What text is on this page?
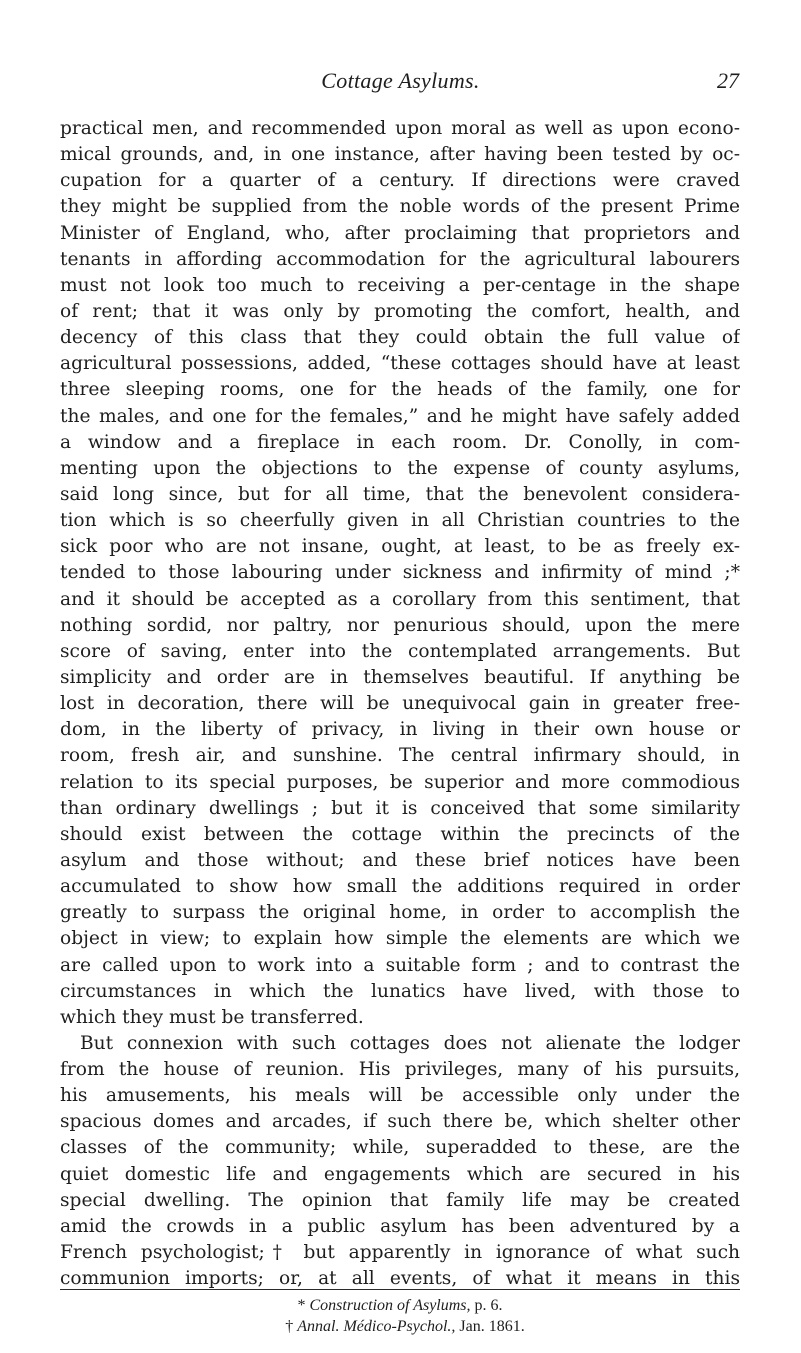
Cottage Asylums.	27
practical men, and recommended upon moral as well as upon econo-
mical grounds, and, in one instance, after having been tested by oc-
cupation for a quarter of a century. If directions were craved
they might be supplied from the noble words of the present Prime
Minister of England, who, after proclaiming that proprietors and
tenants in affording accommodation for the agricultural labourers
must not look too much to receiving a per-centage in the shape
of rent; that it was only by promoting the comfort, health, and
decency of this class that they could obtain the full value of
agricultural possessions, added, “these cottages should have at least
three sleeping rooms, one for the heads of the family, one for
the males, and one for the females,” and he might have safely added
a window and a fireplace in each room. Dr. Conolly, in com-
menting upon the objections to the expense of county asylums,
said long since, but for all time, that the benevolent considera-
tion which is so cheerfully given in all Christian countries to the
sick poor who are not insane, ought, at least, to be as freely ex-
tended to those labouring under sickness and infirmity of mind ;*
and it should be accepted as a corollary from this sentiment, that
nothing sordid, nor paltry, nor penurious should, upon the mere
score of saving, enter into the contemplated arrangements. But
simplicity and order are in themselves beautiful. If anything be
lost in decoration, there will be unequivocal gain in greater free-
dom, in the liberty of privacy, in living in their own house or
room, fresh air, and sunshine. The central infirmary should, in
relation to its special purposes, be superior and more commodious
than ordinary dwellings ; but it is conceived that some similarity
should exist between the cottage within the precincts of the
asylum and those without; and these brief notices have been
accumulated to show how small the additions required in order
greatly to surpass the original home, in order to accomplish the
object in view; to explain how simple the elements are which we
are called upon to work into a suitable form ; and to contrast the
circumstances in which the lunatics have lived, with those to
which they must be transferred.
But connexion with such cottages does not alienate the lodger
from the house of reunion. His privileges, many of his pursuits,
his amusements, his meals will be accessible only under the
spacious domes and arcades, if such there be, which shelter other
classes of the community; while, superadded to these, are the
quiet domestic life and engagements which are secured in his
special dwelling. The opinion that family life may be created
amid the crowds in a public asylum has been adventured by a
French psychologist;† but apparently in ignorance of what such
communion imports; or, at all events, of what it means in this
* Construction of Asylums, p. 6.
† Annal. Médico-Psychol., Jan. 1861.
